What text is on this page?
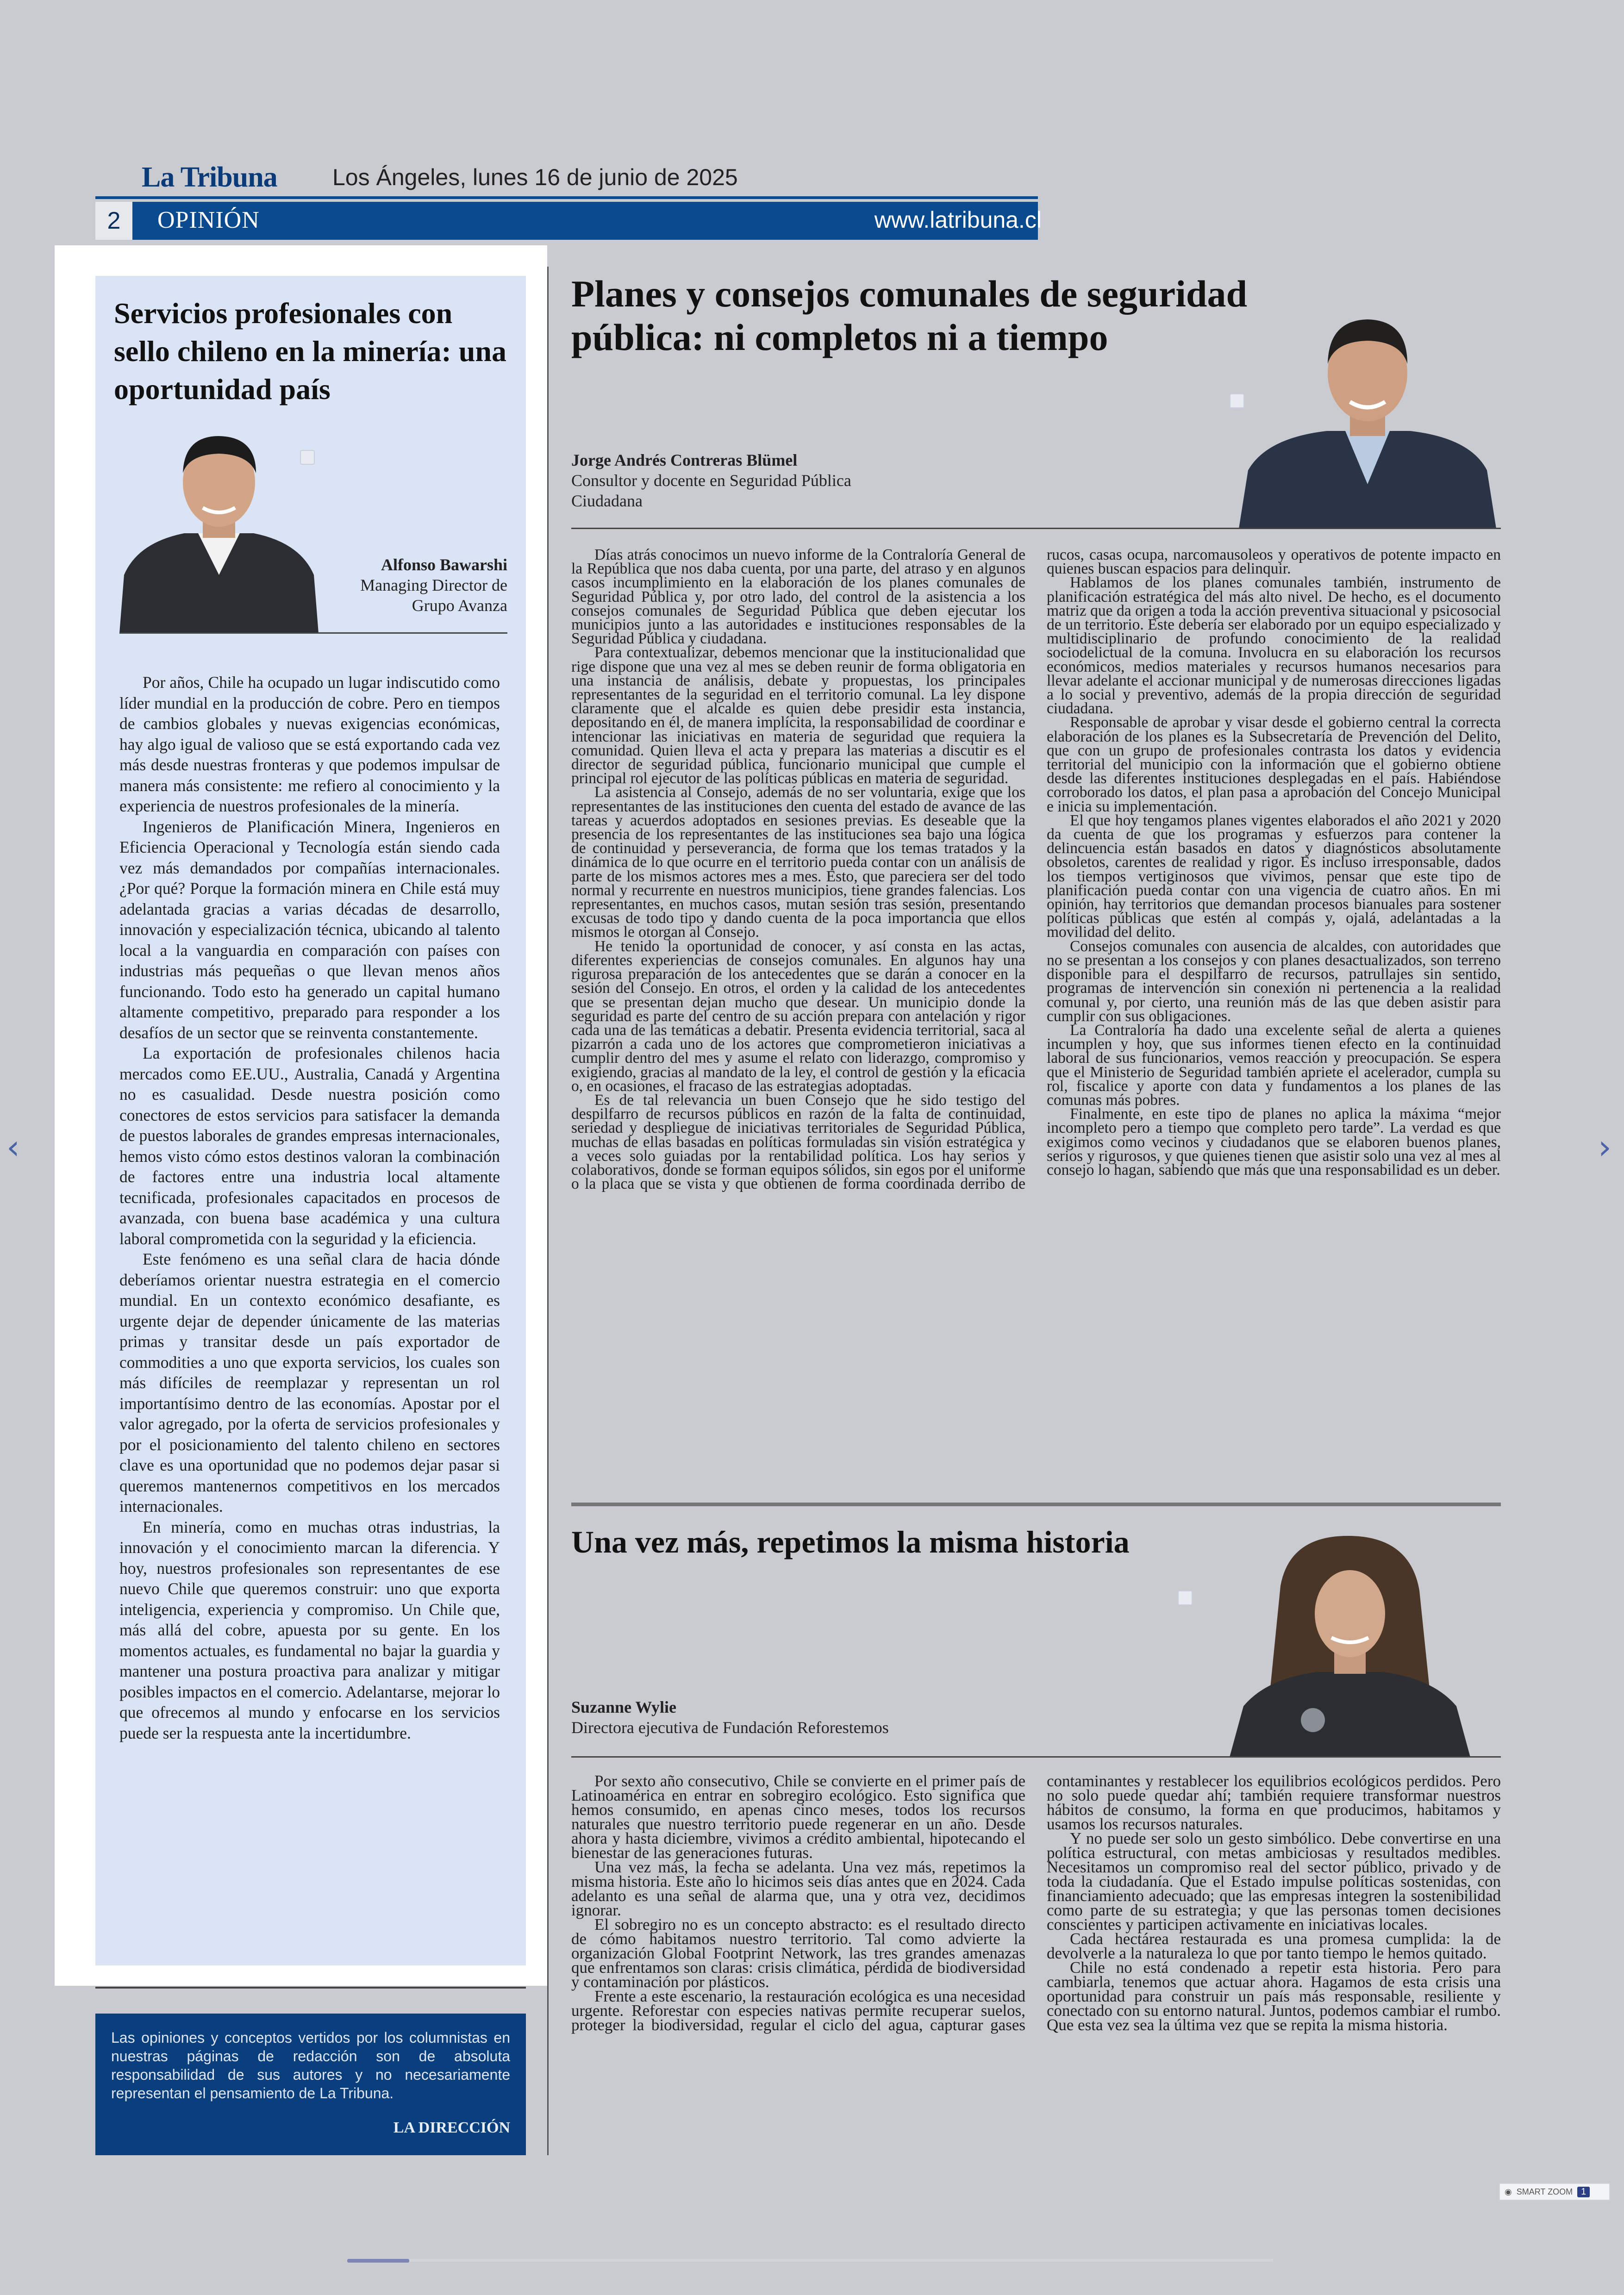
La Tribuna Los Ángeles, lunes 16 de junio de 2025
2	OPINIÓN	www.latribuna.cl
Servicios profesionales con sello chileno en la minería: una oportunidad país
Alfonso Bawarshi
Managing Director de
Grupo Avanza

Por años, Chile ha ocupado un lugar indiscutido como líder mundial en la producción de cobre. Pero en tiempos de cambios globales y nuevas exigencias económicas, hay algo igual de valioso que se está exportando cada vez más desde nuestras fronteras y que podemos impulsar de manera más consistente: me refiero al conocimiento y la experiencia de nuestros profesionales de la minería.

Ingenieros de Planificación Minera, Ingenieros en Eficiencia Operacional y Tecnología están siendo cada vez más demandados por compañías internacionales. ¿Por qué? Porque la formación minera en Chile está muy adelantada gracias a varias décadas de desarrollo, innovación y especialización técnica, ubicando al talento local a la vanguardia en comparación con países con industrias más pequeñas o que llevan menos años funcionando. Todo esto ha generado un capital humano altamente competitivo, preparado para responder a los desafíos de un sector que se reinventa constantemente.

La exportación de profesionales chilenos hacia mercados como EE.UU., Australia, Canadá y Argentina no es casualidad. Desde nuestra posición como conectores de estos servicios para satisfacer la demanda de puestos laborales de grandes empresas internacionales, hemos visto cómo estos destinos valoran la combinación de factores entre una industria local altamente tecnificada, profesionales capacitados en procesos de avanzada, con buena base académica y una cultura laboral comprometida con la seguridad y la eficiencia.

Este fenómeno es una señal clara de hacia dónde deberíamos orientar nuestra estrategia en el comercio mundial. En un contexto económico desafiante, es urgente dejar de depender únicamente de las materias primas y transitar desde un país exportador de commodities a uno que exporta servicios, los cuales son más difíciles de reemplazar y representan un rol importantísimo dentro de las economías. Apostar por el valor agregado, por la oferta de servicios profesionales y por el posicionamiento del talento chileno en sectores clave es una oportunidad que no podemos dejar pasar si queremos mantenernos competitivos en los mercados internacionales.

En minería, como en muchas otras industrias, la innovación y el conocimiento marcan la diferencia. Y hoy, nuestros profesionales son representantes de ese nuevo Chile que queremos construir: uno que exporta inteligencia, experiencia y compromiso. Un Chile que, más allá del cobre, apuesta por su gente. En los momentos actuales, es fundamental no bajar la guardia y mantener una postura proactiva para analizar y mitigar posibles impactos en el comercio. Adelantarse, mejorar lo que ofrecemos al mundo y enfocarse en los servicios puede ser la respuesta ante la incertidumbre.

Las opiniones y conceptos vertidos por los columnistas en nuestras páginas de redacción son de absoluta responsabilidad de sus autores y no necesariamente representan el pensamiento de La Tribuna.
LA DIRECCIÓN
Planes y consejos comunales de seguridad pública: ni completos ni a tiempo
Jorge Andrés Contreras Blümel
Consultor y docente en Seguridad Pública
Ciudadana

Días atrás conocimos un nuevo informe de la Contraloría General de la República que nos daba cuenta, por una parte, del atraso y en algunos casos incumplimiento en la elaboración de los planes comunales de Seguridad Pública y, por otro lado, del control de la asistencia a los consejos comunales de Seguridad Pública que deben ejecutar los municipios junto a las autoridades e instituciones responsables de la Seguridad Pública y ciudadana.

Para contextualizar, debemos mencionar que la institucionalidad que rige dispone que una vez al mes se deben reunir de forma obligatoria en una instancia de análisis, debate y propuestas, los principales representantes de la seguridad en el territorio comunal. La ley dispone claramente que el alcalde es quien debe presidir esta instancia, depositando en él, de manera implícita, la responsabilidad de coordinar e intencionar las iniciativas en materia de seguridad que requiera la comunidad. Quien lleva el acta y prepara las materias a discutir es el director de seguridad pública, funcionario municipal que cumple el principal rol ejecutor de las políticas públicas en materia de seguridad.

La asistencia al Consejo, además de no ser voluntaria, exige que los representantes de las instituciones den cuenta del estado de avance de las tareas y acuerdos adoptados en sesiones previas. Es deseable que la presencia de los representantes de las instituciones sea bajo una lógica de continuidad y perseverancia, de forma que los temas tratados y la dinámica de lo que ocurre en el territorio pueda contar con un análisis de parte de los mismos actores mes a mes. Esto, que pareciera ser del todo normal y recurrente en nuestros municipios, tiene grandes falencias. Los representantes, en muchos casos, mutan sesión tras sesión, presentando excusas de todo tipo y dando cuenta de la poca importancia que ellos mismos le otorgan al Consejo.

He tenido la oportunidad de conocer, y así consta en las actas, diferentes experiencias de consejos comunales. En algunos hay una rigurosa preparación de los antecedentes que se darán a conocer en la sesión del Consejo. En otros, el orden y la calidad de los antecedentes que se presentan dejan mucho que desear. Un municipio donde la seguridad es parte del centro de su acción prepara con antelación y rigor cada una de las temáticas a debatir. Presenta evidencia territorial, saca al pizarrón a cada uno de los actores que comprometieron iniciativas a cumplir dentro del mes y asume el relato con liderazgo, compromiso y exigiendo, gracias al mandato de la ley, el control de gestión y la eficacia o, en ocasiones, el fracaso de las estrategias adoptadas.

Es de tal relevancia un buen Consejo que he sido testigo del despilfarro de recursos públicos en razón de la falta de continuidad, seriedad y despliegue de iniciativas territoriales de Seguridad Pública, muchas de ellas basadas en políticas formuladas sin visión estratégica y a veces solo guiadas por la rentabilidad política. Los hay serios y colaborativos, donde se forman equipos sólidos, sin egos por el uniforme o la placa que se vista y que obtienen de forma coordinada derribo de rucos, casas ocupa, narcomausoleos y operativos de potente impacto en quienes buscan espacios para delinquir.

Hablamos de los planes comunales también, instrumento de planificación estratégica del más alto nivel. De hecho, es el documento matriz que da origen a toda la acción preventiva situacional y psicosocial de un territorio. Este debería ser elaborado por un equipo especializado y multidisciplinario de profundo conocimiento de la realidad sociodelictual de la comuna. Involucra en su elaboración los recursos económicos, medios materiales y recursos humanos necesarios para llevar adelante el accionar municipal y de numerosas direcciones ligadas a lo social y preventivo, además de la propia dirección de seguridad ciudadana.

Responsable de aprobar y visar desde el gobierno central la correcta elaboración de los planes es la Subsecretaría de Prevención del Delito, que con un grupo de profesionales contrasta los datos y evidencia territorial del municipio con la información que el gobierno obtiene desde las diferentes instituciones desplegadas en el país. Habiéndose corroborado los datos, el plan pasa a aprobación del Concejo Municipal e inicia su implementación.

El que hoy tengamos planes vigentes elaborados el año 2021 y 2020 da cuenta de que los programas y esfuerzos para contener la delincuencia están basados en datos y diagnósticos absolutamente obsoletos, carentes de realidad y rigor. Es incluso irresponsable, dados los tiempos vertiginosos que vivimos, pensar que este tipo de planificación pueda contar con una vigencia de cuatro años. En mi opinión, hay territorios que demandan procesos bianuales para sostener políticas públicas que estén al compás y, ojalá, adelantadas a la movilidad del delito.

Consejos comunales con ausencia de alcaldes, con autoridades que no se presentan a los consejos y con planes desactualizados, son terreno disponible para el despilfarro de recursos, patrullajes sin sentido, programas de intervención sin conexión ni pertenencia a la realidad comunal y, por cierto, una reunión más de las que deben asistir para cumplir con sus obligaciones.

La Contraloría ha dado una excelente señal de alerta a quienes incumplen y hoy, que sus informes tienen efecto en la continuidad laboral de sus funcionarios, vemos reacción y preocupación. Se espera que el Ministerio de Seguridad también apriete el acelerador, cumpla su rol, fiscalice y aporte con data y fundamentos a los planes de las comunas más pobres.

Finalmente, en este tipo de planes no aplica la máxima “mejor incompleto pero a tiempo que completo pero tarde”. La verdad es que exigimos como vecinos y ciudadanos que se elaboren buenos planes, serios y rigurosos, y que quienes tienen que asistir solo una vez al mes al consejo lo hagan, sabiendo que más que una responsabilidad es un deber.

Una vez más, repetimos la misma historia
Suzanne Wylie
Directora ejecutiva de Fundación Reforestemos

Por sexto año consecutivo, Chile se convierte en el primer país de Latinoamérica en entrar en sobregiro ecológico. Esto significa que hemos consumido, en apenas cinco meses, todos los recursos naturales que nuestro territorio puede regenerar en un año. Desde ahora y hasta diciembre, vivimos a crédito ambiental, hipotecando el bienestar de las generaciones futuras.

Una vez más, la fecha se adelanta. Una vez más, repetimos la misma historia. Este año lo hicimos seis días antes que en 2024. Cada adelanto es una señal de alarma que, una y otra vez, decidimos ignorar.

El sobregiro no es un concepto abstracto: es el resultado directo de cómo habitamos nuestro territorio. Tal como advierte la organización Global Footprint Network, las tres grandes amenazas que enfrentamos son claras: crisis climática, pérdida de biodiversidad y contaminación por plásticos.

Frente a este escenario, la restauración ecológica es una necesidad urgente. Reforestar con especies nativas permite recuperar suelos, proteger la biodiversidad, regular el ciclo del agua, capturar gases contaminantes y restablecer los equilibrios ecológicos perdidos. Pero no solo puede quedar ahí; también requiere transformar nuestros hábitos de consumo, la forma en que producimos, habitamos y usamos los recursos naturales.

Y no puede ser solo un gesto simbólico. Debe convertirse en una política estructural, con metas ambiciosas y resultados medibles. Necesitamos un compromiso real del sector público, privado y de toda la ciudadanía. Que el Estado impulse políticas sostenidas, con financiamiento adecuado; que las empresas integren la sostenibilidad como parte de su estrategia; y que las personas tomen decisiones conscientes y participen activamente en iniciativas locales.

Cada hectárea restaurada es una promesa cumplida: la de devolverle a la naturaleza lo que por tanto tiempo le hemos quitado.

Chile no está condenado a repetir esta historia. Pero para cambiarla, tenemos que actuar ahora. Hagamos de esta crisis una oportunidad para construir un país más responsable, resiliente y conectado con su entorno natural. Juntos, podemos cambiar el rumbo. Que esta vez sea la última vez que se repita la misma historia.

‹	›
◉ SMART ZOOM 1
